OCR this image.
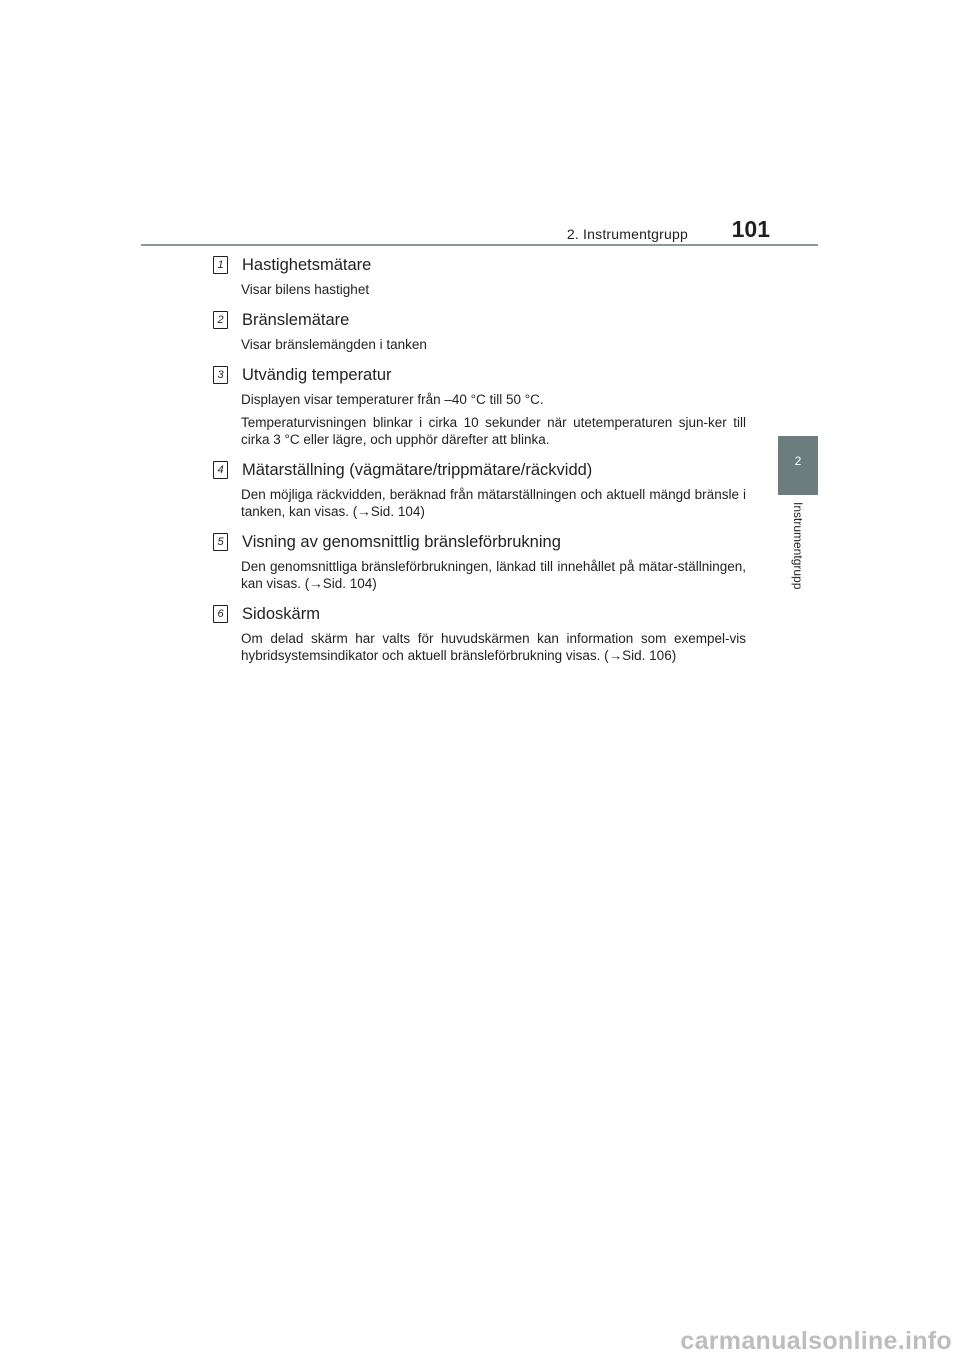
2. Instrumentgrupp 101
1 Hastighetsmätare

Visar bilens hastighet

2 Bränslemätare

Visar bränslemängden i tanken

3 Utvändig temperatur

Displayen visar temperaturer från –40 °C till 50 °C.

Temperaturvisningen blinkar i cirka 10 sekunder när utetemperaturen sjun-ker till cirka 3 °C eller lägre, och upphör därefter att blinka.

4 Mätarställning (vägmätare/trippmätare/räckvidd)

Den möjliga räckvidden, beräknad från mätarställningen och aktuell mängd bränsle i tanken, kan visas. (→Sid. 104)

5 Visning av genomsnittlig bränsleförbrukning

Den genomsnittliga bränsleförbrukningen, länkad till innehållet på mätar-ställningen, kan visas. (→Sid. 104)

6 Sidoskärm

Om delad skärm har valts för huvudskärmen kan information som exempel-vis hybridsystemsindikator och aktuell bränsleförbrukning visas. (→Sid. 106)

2
Instrumentgrupp
carmanualsonline.info
